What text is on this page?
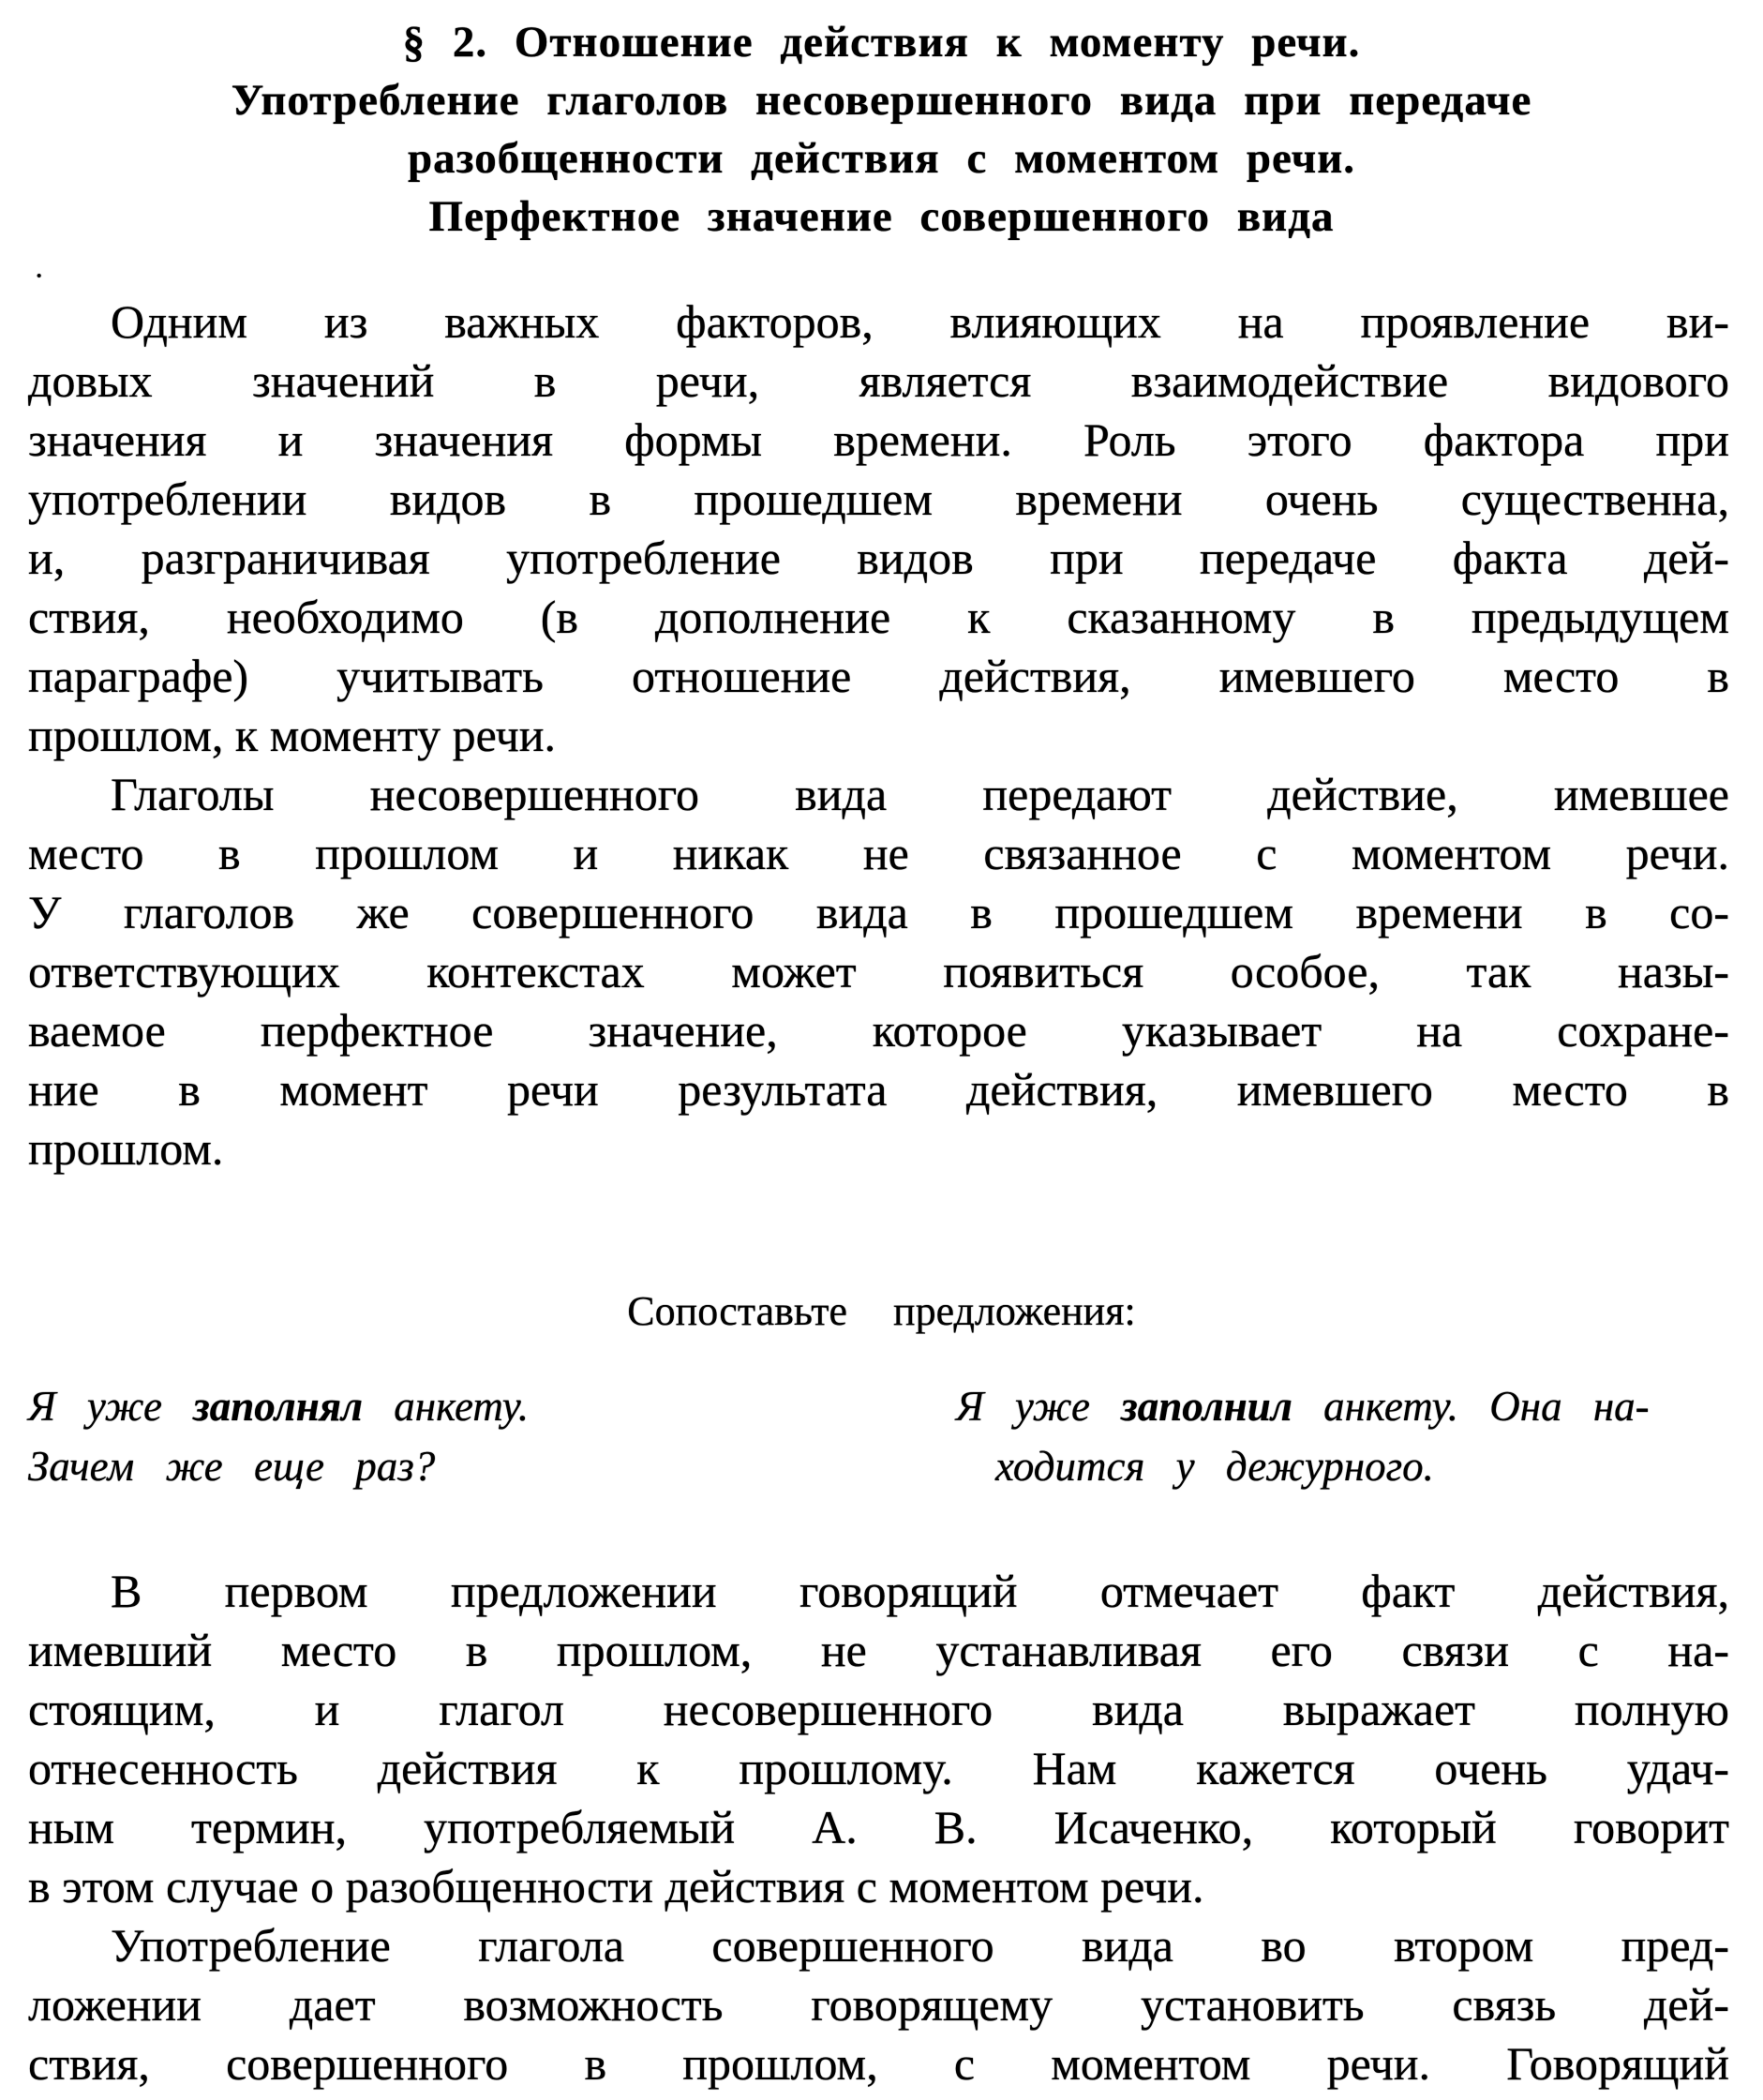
§ 2. Отношение действия к моменту речи.
Употребление глаголов несовершенного вида при передаче
разобщенности действия с моментом речи.
Перфектное значение совершенного вида
·
Одним из важных факторов, влияющих на проявление ви-
довых значений в речи, является взаимодействие видового
значения и значения формы времени. Роль этого фактора при
употреблении видов в прошедшем времени очень существенна,
и, разграничивая употребление видов при передаче факта дей-
ствия, необходимо (в дополнение к сказанному в предыдущем
параграфе) учитывать отношение действия, имевшего место в
прошлом, к моменту речи.
Глаголы несовершенного вида передают действие, имевшее
место в прошлом и никак не связанное с моментом речи.
У глаголов же совершенного вида в прошедшем времени в со-
ответствующих контекстах может появиться особое, так назы-
ваемое перфектное значение, которое указывает на сохране-
ние в момент речи результата действия, имевшего место в
прошлом.
Сопоставьте предложения:
Я уже заполнял анкету.
Зачем же еще раз?
Я уже заполнил анкету. Она на-
ходится у дежурного.
В первом предложении говорящий отмечает факт действия,
имевший место в прошлом, не устанавливая его связи с на-
стоящим, и глагол несовершенного вида выражает полную
отнесенность действия к прошлому. Нам кажется очень удач-
ным термин, употребляемый А. В. Исаченко, который говорит
в этом случае о разобщенности действия с моментом речи.
Употребление глагола совершенного вида во втором пред-
ложении дает возможность говорящему установить связь дей-
ствия, совершенного в прошлом, с моментом речи. Говорящий
